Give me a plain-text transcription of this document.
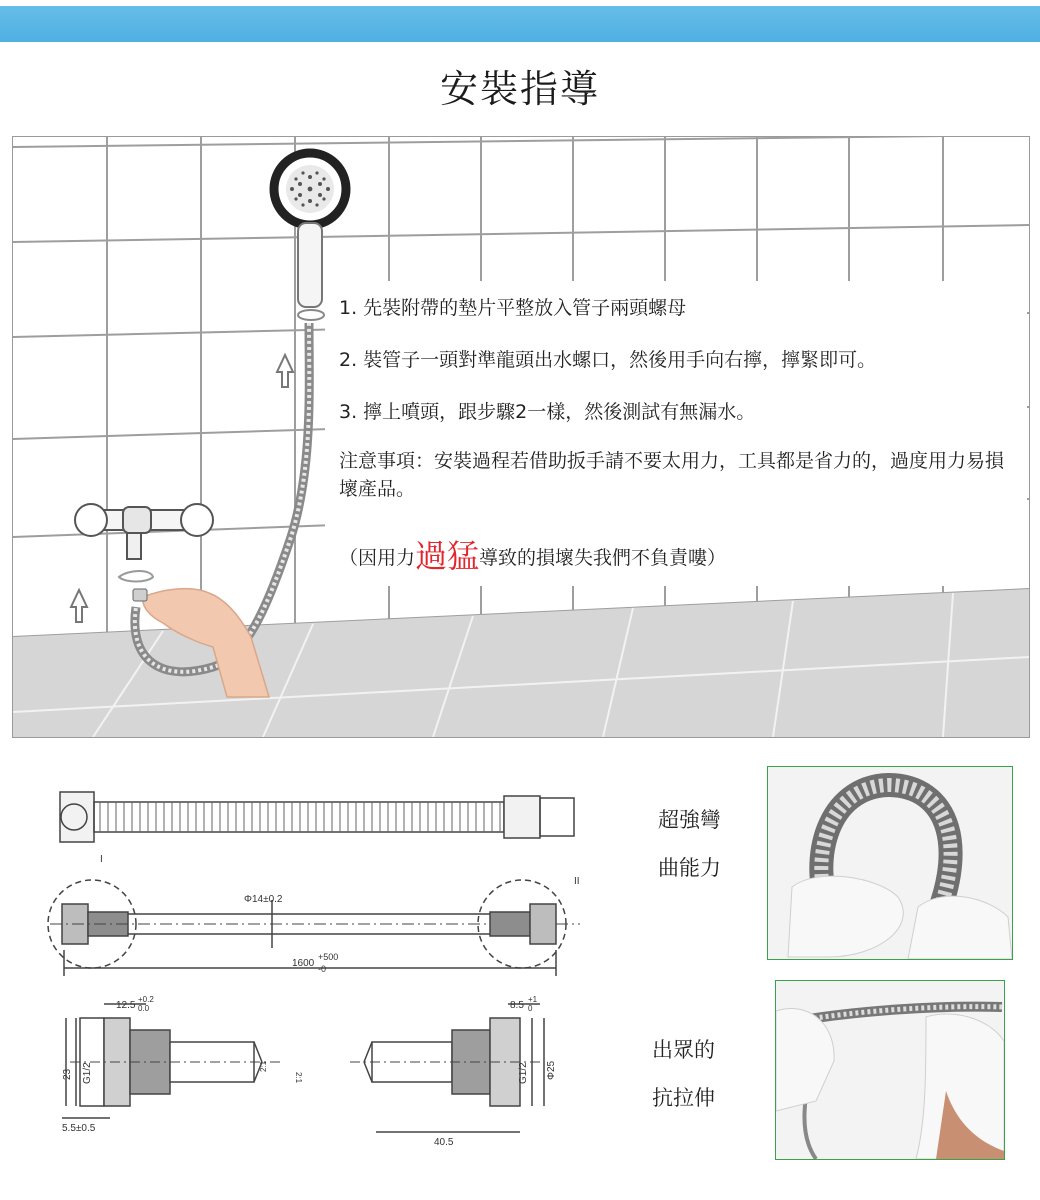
安裝指導

1. 先裝附帶的墊片平整放入管子兩頭螺母

2. 裝管子一頭對準龍頭出水螺口，然後用手向右擰，擰緊即可。

3. 擰上噴頭，跟步驟2一樣，然後測試有無漏水。

注意事項：安裝過程若借助扳手請不要太用力，工具都是省力的，過度用力易損壞產品。

（因用力過猛導致的損壞失我們不負責嘍）

Φ14±0.2
1600
+500
-0
I
II
12.5
+0.2
0.0
5.5±0.5
8.5
+1
0
40.5
23 G1/2	2:1
2:1	G1/2 Φ25
超強彎
曲能力
出眾的
抗拉伸
